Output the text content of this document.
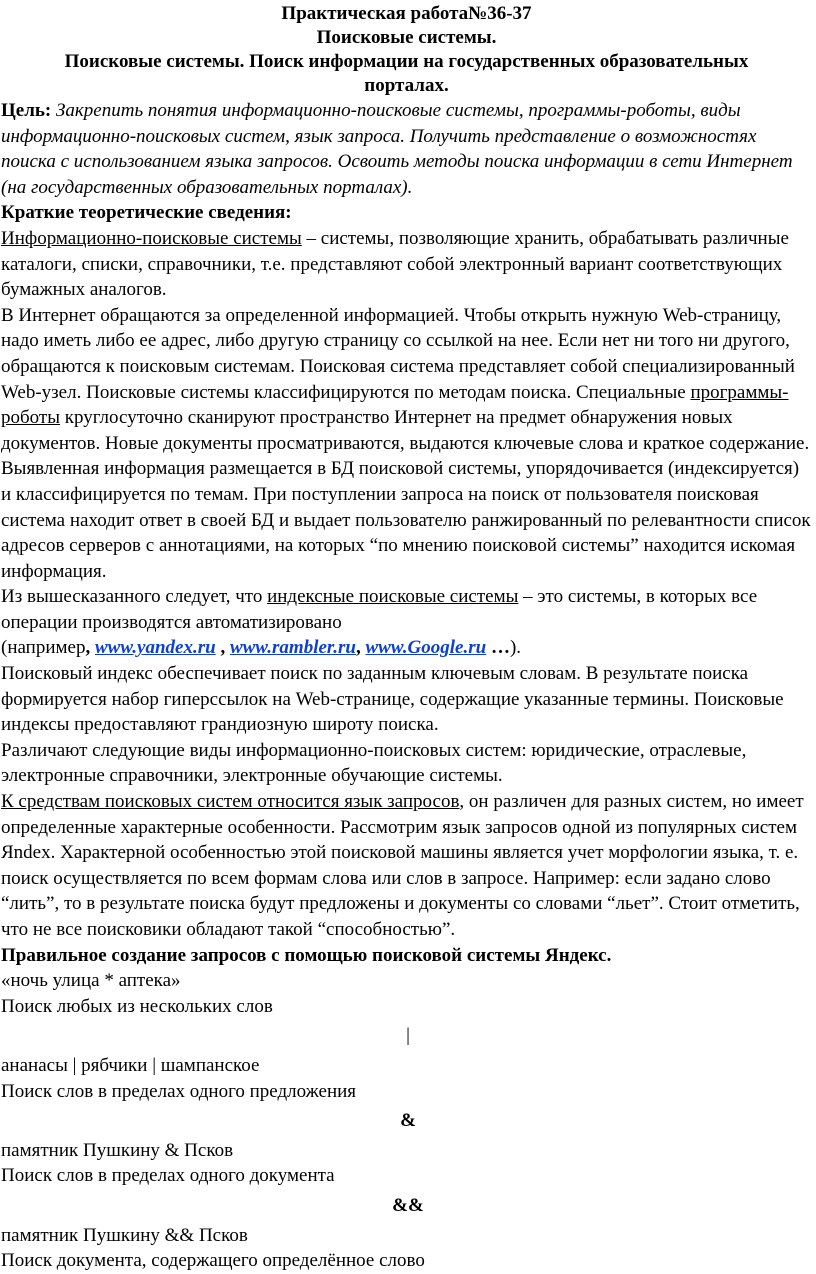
Практическая работа№36-37

Поисковые системы.

Поисковые системы. Поиск информации на государственных образовательных

порталах.

Цель: Закрепить понятия информационно-поисковые системы, программы-роботы, виды информационно-поисковых систем, язык запроса. Получить представление о возможностях поиска с использованием языка запросов. Освоить методы поиска информации в сети Интернет (на государственных образовательных порталах).

Краткие теоретические сведения:

Информационно-поисковые системы – системы, позволяющие хранить, обрабатывать различные каталоги, списки, справочники, т.е. представляют собой электронный вариант соответствующих бумажных аналогов.

В Интернет обращаются за определенной информацией. Чтобы открыть нужную Web-страницу, надо иметь либо ее адрес, либо другую страницу со ссылкой на нее. Если нет ни того ни другого, обращаются к поисковым системам. Поисковая система представляет собой специализированный Web-узел. Поисковые системы классифицируются по методам поиска. Специальные программы-роботы круглосуточно сканируют пространство Интернет на предмет обнаружения новых документов. Новые документы просматриваются, выдаются ключевые слова и краткое содержание. Выявленная информация размещается в БД поисковой системы, упорядочивается (индексируется) и классифицируется по темам. При поступлении запроса на поиск от пользователя поисковая система находит ответ в своей БД и выдает пользователю ранжированный по релевантности список адресов серверов с аннотациями, на которых “по мнению поисковой системы” находится искомая информация.

Из вышесказанного следует, что индексные поисковые системы – это системы, в которых все операции производятся автоматизировано

(например, www.yandex.ru , www.rambler.ru, www.Google.ru …).

Поисковый индекс обеспечивает поиск по заданным ключевым словам. В результате поиска формируется набор гиперссылок на Web-странице, содержащие указанные термины. Поисковые индексы предоставляют грандиозную широту поиска.

Различают следующие виды информационно-поисковых систем: юридические, отраслевые, электронные справочники, электронные обучающие системы.

К средствам поисковых систем относится язык запросов, он различен для разных систем, но имеет определенные характерные особенности. Рассмотрим язык запросов одной из популярных систем Яndex. Характерной особенностью этой поисковой машины является учет морфологии языка, т. е. поиск осуществляется по всем формам слова или слов в запросе. Например: если задано слово “лить”, то в результате поиска будут предложены и документы со словами “льет”. Стоит отметить, что не все поисковики обладают такой “способностью”.

Правильное создание запросов с помощью поисковой системы Яндекс.

«ночь улица * аптека»

Поиск любых из нескольких слов

|

ананасы | рябчики | шампанское

Поиск слов в пределах одного предложения

&

памятник Пушкину & Псков

Поиск слов в пределах одного документа

&&

памятник Пушкину && Псков

Поиск документа, содержащего определённое слово
